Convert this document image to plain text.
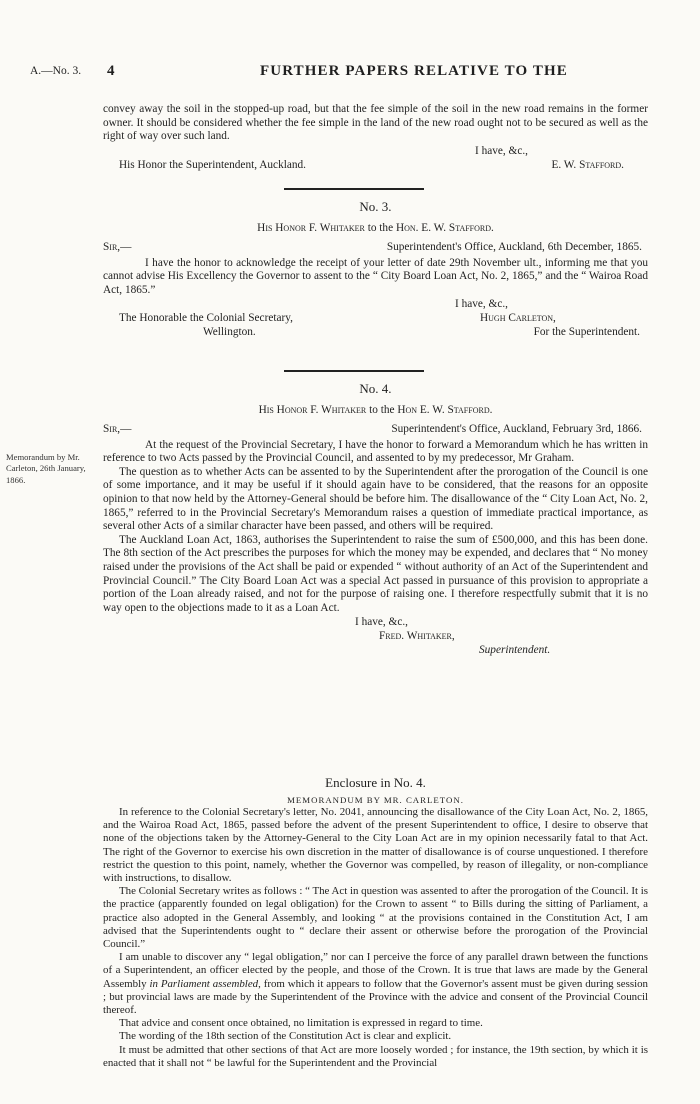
A.—No. 3. 4	FURTHER PAPERS RELATIVE TO THE

convey away the soil in the stopped-up road, but that the fee simple of the soil in the new road remains in the former owner. It should be considered whether the fee simple in the land of the new road ought not to be secured as well as the right of way over such land.

I have, &c.,
His Honor the Superintendent, Auckland.	E. W. Stafford.
No. 3.
His Honor F. Whitaker to the Hon. E. W. Stafford.
Sir,—	Superintendent's Office, Auckland, 6th December, 1865.

I have the honor to acknowledge the receipt of your letter of date 29th November ult., informing me that you cannot advise His Excellency the Governor to assent to the “ City Board Loan Act, No. 2, 1865,” and the “ Wairoa Road Act, 1865.”

I have, &c.,
The Honorable the Colonial Secretary,	Hugh Carleton,
Wellington.	For the Superintendent.
Memorandum by Mr. Carleton, 26th January, 1866.
No. 4.
His Honor F. Whitaker to the Hon E. W. Stafford.
Sir,—	Superintendent's Office, Auckland, February 3rd, 1866.

At the request of the Provincial Secretary, I have the honor to forward a Memorandum which he has written in reference to two Acts passed by the Provincial Council, and assented to by my predecessor, Mr Graham.

The question as to whether Acts can be assented to by the Superintendent after the prorogation of the Council is one of some importance, and it may be useful if it should again have to be considered, that the reasons for an opposite opinion to that now held by the Attorney-General should be before him. The disallowance of the “ City Loan Act, No. 2, 1865,” referred to in the Provincial Secretary's Memorandum raises a question of immediate practical importance, as several other Acts of a similar character have been passed, and others will be required.

The Auckland Loan Act, 1863, authorises the Superintendent to raise the sum of £500,000, and this has been done. The 8th section of the Act prescribes the purposes for which the money may be expended, and declares that “ No money raised under the provisions of the Act shall be paid or expended “ without authority of an Act of the Superintendent and Provincial Council.” The City Board Loan Act was a special Act passed in pursuance of this provision to appropriate a portion of the Loan already raised, and not for the purpose of raising one. I therefore respectfully submit that it is no way open to the objections made to it as a Loan Act.

I have, &c.,
Fred. Whitaker,
Superintendent.
Enclosure in No. 4.
MEMORANDUM BY MR. CARLETON.

In reference to the Colonial Secretary's letter, No. 2041, announcing the disallowance of the City Loan Act, No. 2, 1865, and the Wairoa Road Act, 1865, passed before the advent of the present Superintendent to office, I desire to observe that none of the objections taken by the Attorney-General to the City Loan Act are in my opinion necessarily fatal to that Act. The right of the Governor to exercise his own discretion in the matter of disallowance is of course unquestioned. I therefore restrict the question to this point, namely, whether the Governor was compelled, by reason of illegality, or non-compliance with instructions, to disallow.

The Colonial Secretary writes as follows : “ The Act in question was assented to after the prorogation of the Council. It is the practice (apparently founded on legal obligation) for the Crown to assent “ to Bills during the sitting of Parliament, a practice also adopted in the General Assembly, and looking “ at the provisions contained in the Constitution Act, I am advised that the Superintendents ought to “ declare their assent or otherwise before the prorogation of the Provincial Council.”

I am unable to discover any “ legal obligation,” nor can I perceive the force of any parallel drawn between the functions of a Superintendent, an officer elected by the people, and those of the Crown. It is true that laws are made by the General Assembly in Parliament assembled, from which it appears to follow that the Governor's assent must be given during session ; but provincial laws are made by the Superintendent of the Province with the advice and consent of the Provincial Council thereof.

That advice and consent once obtained, no limitation is expressed in regard to time.

The wording of the 18th section of the Constitution Act is clear and explicit.

It must be admitted that other sections of that Act are more loosely worded ; for instance, the 19th section, by which it is enacted that it shall not “ be lawful for the Superintendent and the Provincial
